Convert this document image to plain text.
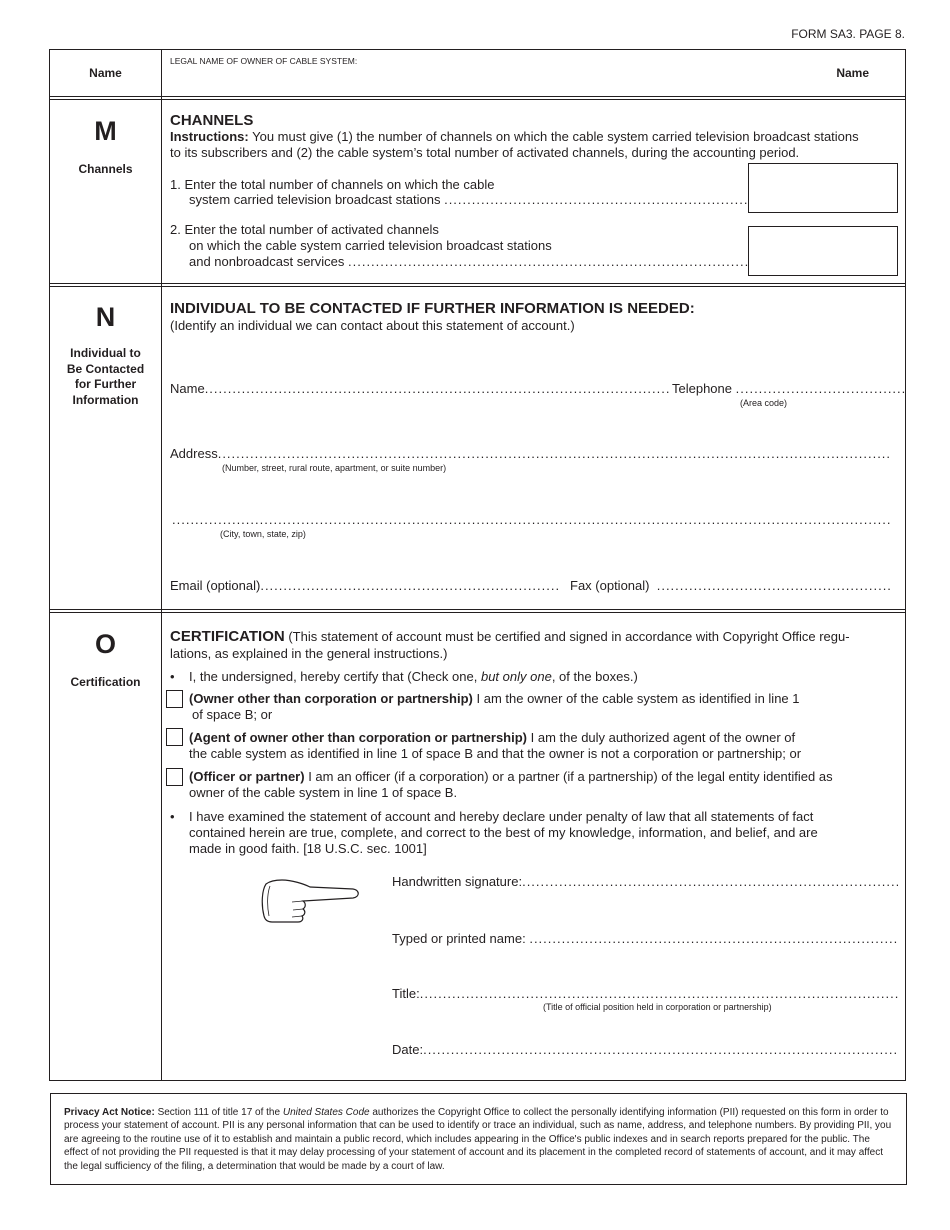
FORM SA3. PAGE 8.
Name
LEGAL NAME OF OWNER OF CABLE SYSTEM:
Name
M
Channels
CHANNELS
Instructions: You must give (1) the number of channels on which the cable system carried television broadcast stations
to its subscribers and (2) the cable system’s total number of activated channels, during the accounting period.
1. Enter the total number of channels on which the cable
system carried television broadcast stations

.....
2. Enter the total number of activated channels
on which the cable system carried television broadcast stations
and nonbroadcast services

.....
N
Individual to
Be Contacted
for Further
Information
INDIVIDUAL TO BE CONTACTED IF FURTHER INFORMATION IS NEEDED:
(Identify an individual we can contact about this statement of account.)
Name .....	Telephone

.....
(Area code)
Address
.....
(Number, street, rural route, apartment, or suite number)
.....
(City, town, state, zip)
Email (optional) .....	Fax (optional)

.....
O
Certification
CERTIFICATION (This statement of account must be certified and signed in accordance with Copyright Office regu-
lations, as explained in the general instructions.)
•    I, the undersigned, hereby certify that (Check one, but only one, of the boxes.)
(Owner other than corporation or partnership) I am the owner of the cable system as identified in line 1
of space B; or
(Agent of owner other than corporation or partnership) I am the duly authorized agent of the owner of
the cable system as identified in line 1 of space B and that the owner is not a corporation or partnership; or
(Officer or partner) I am an officer (if a corporation) or a partner (if a partnership) of the legal entity identified as
owner of the cable system in line 1 of space B.
• I have examined the statement of account and hereby declare under penalty of law that all statements of fact
contained herein are true, complete, and correct to the best of my knowledge, information, and belief, and are
made in good faith. [18 U.S.C. sec. 1001]
Handwritten signature:
.....
Typed or printed name:

.....
Title:
.....
(Title of official position held in corporation or partnership)
Date:
.....
Privacy Act Notice: Section 111 of title 17 of the United States Code authorizes the Copyright Office to collect the personally identifying information (PII) requested on this form in order to process your statement of account. PII is any personal information that can be used to identify or trace an individual, such as name, address, and telephone numbers. By providing PII, you are agreeing to the routine use of it to establish and maintain a public record, which includes appearing in the Office's public indexes and in search reports prepared for the public. The effect of not providing the PII requested is that it may delay processing of your statement of account and its placement in the completed record of statements of account, and it may affect the legal sufficiency of the filing, a determination that would be made by a court of law.
